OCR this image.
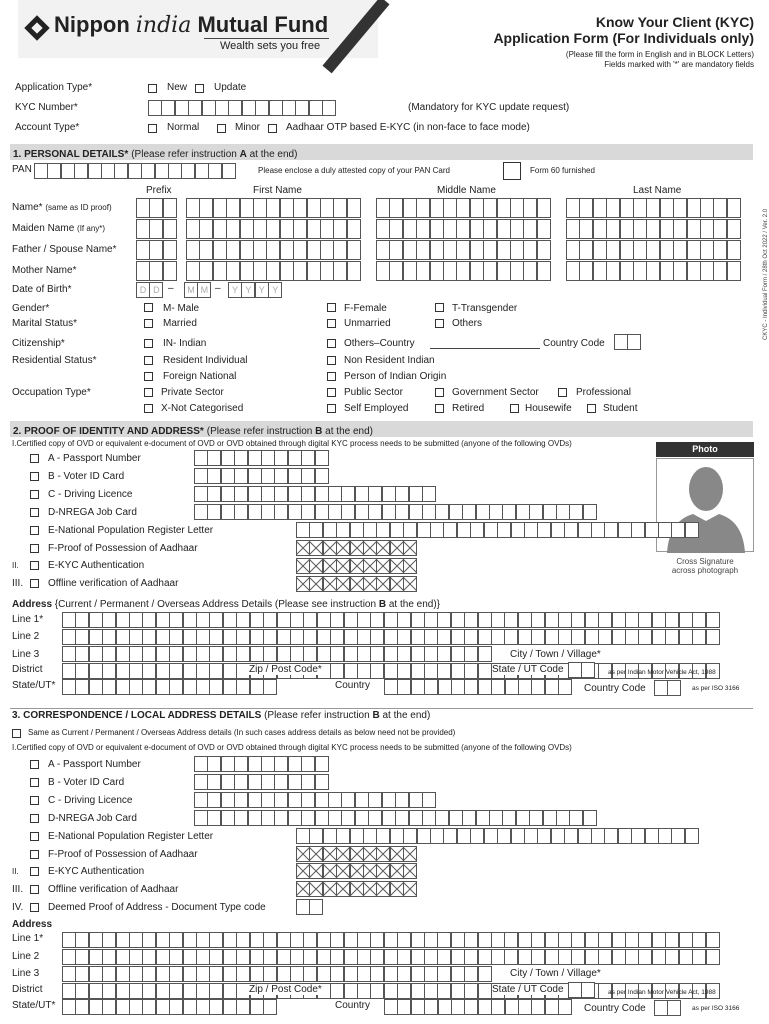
Nippon india Mutual Fund
Wealth sets you free
Know Your Client (KYC)
Application Form (For Individuals only)
(Please fill the form in English and in BLOCK Letters)
Fields marked with '*' are mandatory fields
CKYC - Individual Form / 28th Oct 2022 / Ver. 2.0
Application Type*	New	Update
KYC Number*	(Mandatory for KYC update request)
Account Type*	Normal	Minor	Aadhaar OTP based E-KYC (in non-face to face mode)
1. PERSONAL DETAILS* (Please refer instruction A at the end)
PAN	Please enclose a duly attested copy of your PAN Card	Form 60 furnished
Prefix	First Name	Middle Name	Last Name
Name* (same as ID proof)
Maiden Name (If any*)
Father / Spouse Name*
Mother Name*
Date of Birth*	D D –	M M –	Y Y Y Y
Gender*	M- Male	F-Female	T-Transgender
Marital Status*	Married	Unmarried	Others
Citizenship*	IN- Indian	Others–Country	Country Code
Residential Status*	Resident Individual	Non Resident Indian
Foreign National	Person of Indian Origin
Occupation Type*	Private Sector	Public Sector	Government Sector	Professional
X-Not Categorised	Self Employed	Retired	Housewife	Student
2. PROOF OF IDENTITY AND ADDRESS* (Please refer instruction B at the end)
I.Certified copy of OVD or equivalent e-document of OVD or OVD obtained through digital KYC process needs to be submitted (anyone of the following OVDs)
Photo
Cross Signature
across photograph
A - Passport Number
B - Voter ID Card
C - Driving Licence
D-NREGA Job Card
E-National Population Register Letter
F-Proof of Possession of Aadhaar
II.	E-KYC Authentication
III. Offline verification of Aadhaar
Address {Current / Permanent / Overseas Address Details (Please see instruction B at the end)}
Line 1*
Line 2
Line 3	City / Town / Village*
District	Zip / Post Code*	State / UT Code	as per Indian Motor Vehicle Act, 1988
State/UT*	Country	Country Code	as per ISO 3166
3. CORRESPONDENCE / LOCAL ADDRESS DETAILS (Please refer instruction B at the end)
Same as Current / Permanent / Overseas Address details (In such cases address details as below need not be provided)
I.Certified copy of OVD or equivalent e-document of OVD or OVD obtained through digital KYC process needs to be submitted (anyone of the following OVDs)
A - Passport Number
B - Voter ID Card
C - Driving Licence
D-NREGA Job Card
E-National Population Register Letter
F-Proof of Possession of Aadhaar
II.	E-KYC Authentication
III. Offline verification of Aadhaar
IV. Deemed Proof of Address - Document Type code
Address
Line 1*
Line 2
Line 3	City / Town / Village*
District	Zip / Post Code*	State / UT Code	as per Indian Motor Vehicle Act, 1988
State/UT*	Country	Country Code	as per ISO 3166
